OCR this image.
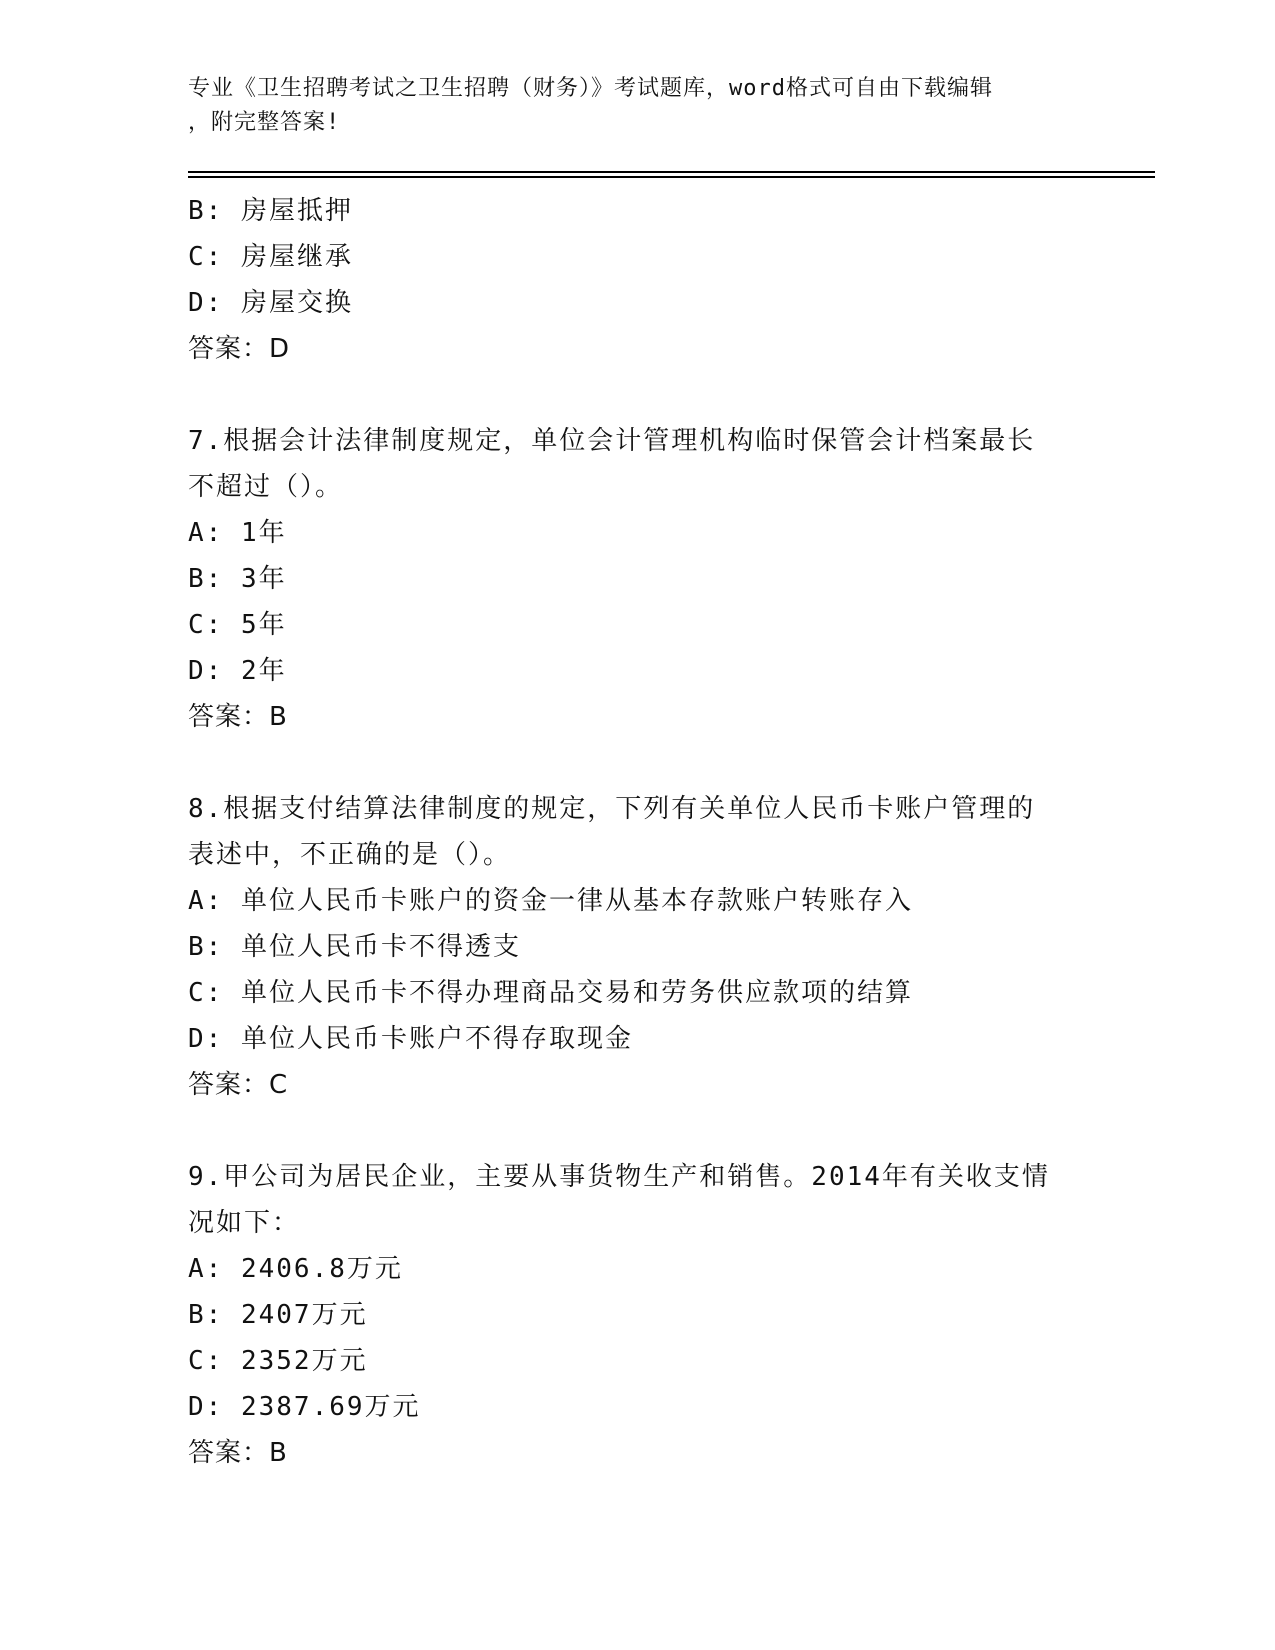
专业《卫生招聘考试之卫生招聘（财务）》考试题库，word格式可自由下载编辑
，附完整答案!
B: 房屋抵押
C: 房屋继承
D: 房屋交换
答案：D
7.根据会计法律制度规定，单位会计管理机构临时保管会计档案最长
不超过（）。
A: 1年
B: 3年
C: 5年
D: 2年
答案：B
8.根据支付结算法律制度的规定，下列有关单位人民币卡账户管理的
表述中，不正确的是（）。
A: 单位人民币卡账户的资金一律从基本存款账户转账存入
B: 单位人民币卡不得透支
C: 单位人民币卡不得办理商品交易和劳务供应款项的结算
D: 单位人民币卡账户不得存取现金
答案：C
9.甲公司为居民企业，主要从事货物生产和销售。2014年有关收支情
况如下：
A: 2406.8万元
B: 2407万元
C: 2352万元
D: 2387.69万元
答案：B
